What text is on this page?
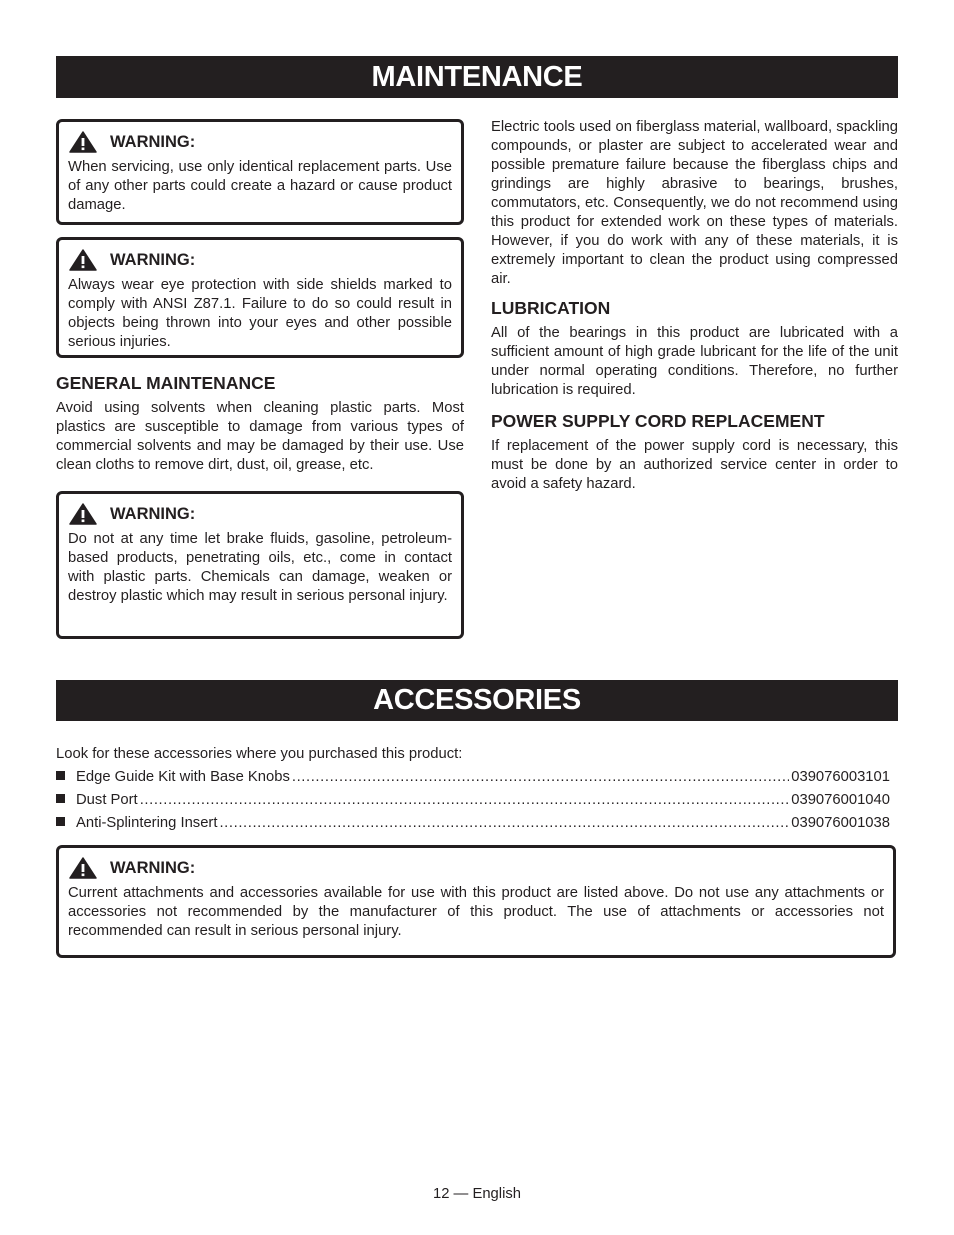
MAINTENANCE
WARNING:
When servicing, use only identical replacement parts. Use of any other parts could create a hazard or cause product damage.
WARNING:
Always wear eye protection with side shields marked to comply with ANSI Z87.1. Failure to do so could result in objects being thrown into your eyes and other possible serious injuries.
GENERAL MAINTENANCE

Avoid using solvents when cleaning plastic parts. Most plastics are susceptible to damage from various types of commercial solvents and may be damaged by their use. Use clean cloths to remove dirt, dust, oil, grease, etc.

WARNING:
Do not at any time let brake fluids, gasoline, petroleum-based products, penetrating oils, etc., come in contact with plastic parts. Chemicals can damage, weaken or destroy plastic which may result in serious personal injury.

Electric tools used on fiberglass material, wallboard, spackling compounds, or plaster are subject to accelerated wear and possible premature failure because the fiberglass chips and grindings are highly abrasive to bearings, brushes, commutators, etc. Consequently, we do not recommend using this product for extended work on these types of materials. However, if you do work with any of these materials, it is extremely important to clean the product using compressed air.

LUBRICATION

All of the bearings in this product are lubricated with a sufficient amount of high grade lubricant for the life of the unit under normal operating conditions. Therefore, no further lubrication is required.

POWER SUPPLY CORD REPLACEMENT

If replacement of the power supply cord is necessary, this must be done by an authorized service center in order to avoid a safety hazard.

ACCESSORIES
Look for these accessories where you purchased this product:
Edge Guide Kit with Base Knobs .....	039076003101
Dust Port .....	039076001040
Anti-Splintering Insert .....	039076001038
WARNING:
Current attachments and accessories available for use with this product are listed above. Do not use any attachments or accessories not recommended by the manufacturer of this product. The use of attachments or accessories not recommended can result in serious personal injury.
12 — English
